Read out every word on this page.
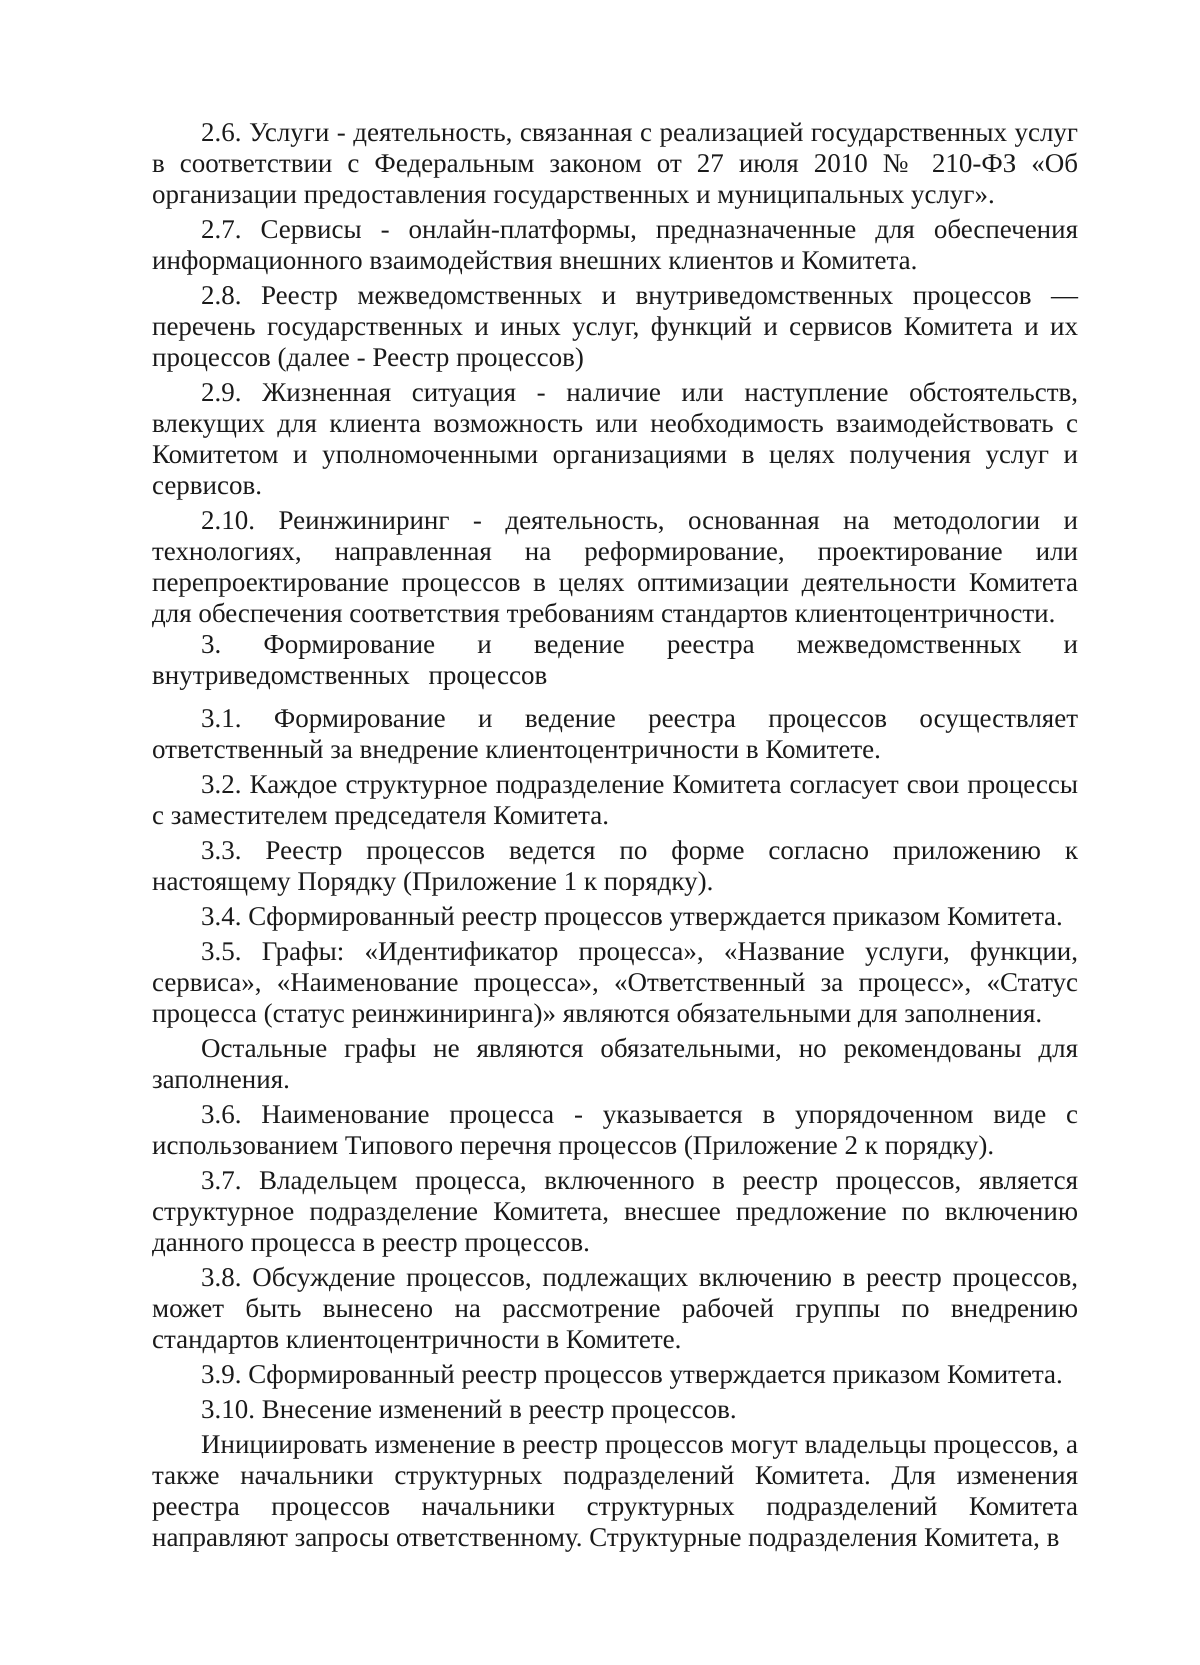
2.6. Услуги - деятельность, связанная с реализацией государственных услуг в соответствии с Федеральным законом от 27 июля 2010 № 210-ФЗ «Об организации предоставления государственных и муниципальных услуг».

2.7. Сервисы - онлайн-платформы, предназначенные для обеспечения информационного взаимодействия внешних клиентов и Комитета.

2.8. Реестр межведомственных и внутриведомственных процессов — перечень государственных и иных услуг, функций и сервисов Комитета и их процессов (далее - Реестр процессов)

2.9. Жизненная ситуация - наличие или наступление обстоятельств, влекущих для клиента возможность или необходимость взаимодействовать с Комитетом и уполномоченными организациями в целях получения услуг и сервисов.

2.10. Реинжиниринг - деятельность, основанная на методологии и технологиях, направленная на реформирование, проектирование или перепроектирование процессов в целях оптимизации деятельности Комитета для обеспечения соответствия требованиям стандартов клиентоцентричности.

3. Формирование и ведение реестра межведомственных и внутриведомственных процессов

3.1. Формирование и ведение реестра процессов осуществляет ответственный за внедрение клиентоцентричности в Комитете.

3.2. Каждое структурное подразделение Комитета согласует свои процессы с заместителем председателя Комитета.

3.3. Реестр процессов ведется по форме согласно приложению к настоящему Порядку (Приложение 1 к порядку).

3.4. Сформированный реестр процессов утверждается приказом Комитета.

3.5. Графы: «Идентификатор процесса», «Название услуги, функции, сервиса», «Наименование процесса», «Ответственный за процесс», «Статус процесса (статус реинжиниринга)» являются обязательными для заполнения.

Остальные графы не являются обязательными, но рекомендованы для заполнения.

3.6. Наименование процесса - указывается в упорядоченном виде с использованием Типового перечня процессов (Приложение 2 к порядку).

3.7. Владельцем процесса, включенного в реестр процессов, является структурное подразделение Комитета, внесшее предложение по включению данного процесса в реестр процессов.

3.8. Обсуждение процессов, подлежащих включению в реестр процессов, может быть вынесено на рассмотрение рабочей группы по внедрению стандартов клиентоцентричности в Комитете.

3.9. Сформированный реестр процессов утверждается приказом Комитета.

3.10. Внесение изменений в реестр процессов.

Инициировать изменение в реестр процессов могут владельцы процессов, а также начальники структурных подразделений Комитета. Для изменения реестра процессов начальники структурных подразделений Комитета направляют запросы ответственному. Структурные подразделения Комитета, в
